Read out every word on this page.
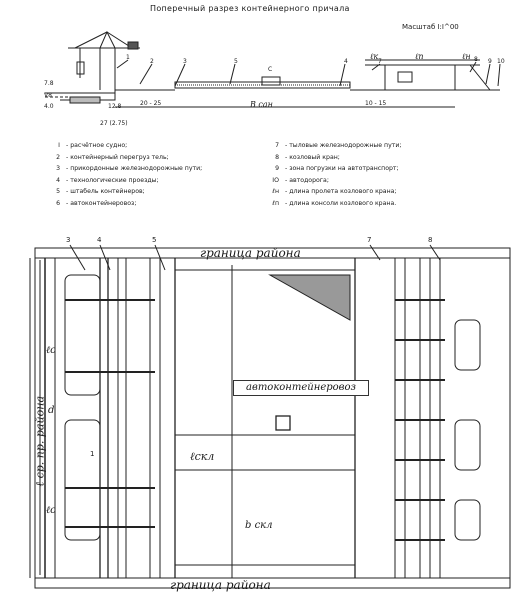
Поперечный разрез контейнерного причала
Масштаб I:I^00
7.8
V8
4.0	12.8	20 - 25	B сан	10 - 15
ℓп	ℓн
ℓк
27 (2.75)
C
1
2	3	5	4	7	8 9 10
I - расчётное судно;
2 - контейнерный перегруз тель;
3 - прикордонные железнодорожные пути;
4 - технологические проезды;
5 - штабель контейнеров;
6 - автоконтейнеровоз;
7 - тыловые железнодорожные пути;
8 - козловый кран;
9 - зона погрузки на автотранспорт;
IO - автодорога;
ℓн - длина пролета козлового крана;
ℓп - длина консоли козлового крана.
граница района
граница района
автоконтейнеровоз
ℓ ср. пр. района
ℓс
ℓс
ℓскл
b скл
d
3	4	5	7	8
1
